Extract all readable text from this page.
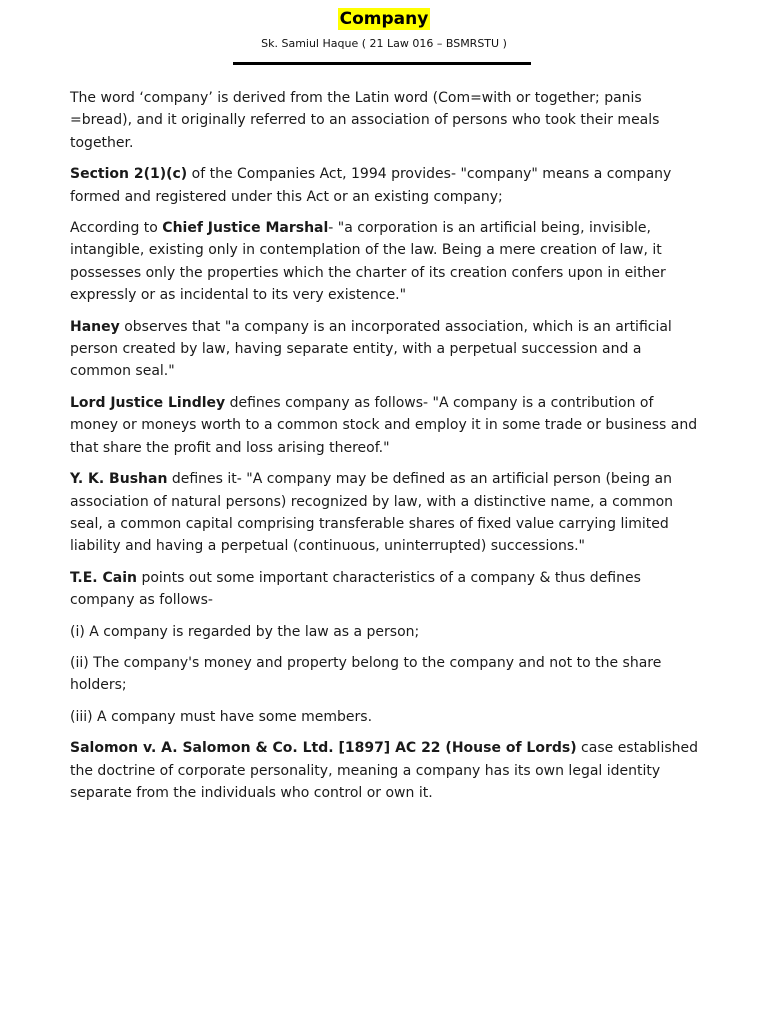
Company
Sk. Samiul Haque ( 21 Law 016 – BSMRSTU )

The word ‘company’ is derived from the Latin word (Com=with or together; panis =bread), and it originally referred to an association of persons who took their meals together.

Section 2(1)(c) of the Companies Act, 1994 provides- "company" means a company formed and registered under this Act or an existing company;

According to Chief Justice Marshal- "a corporation is an artificial being, invisible, intangible, existing only in contemplation of the law. Being a mere creation of law, it possesses only the properties which the charter of its creation confers upon in either expressly or as incidental to its very existence."

Haney observes that "a company is an incorporated association, which is an artificial person created by law, having separate entity, with a perpetual succession and a common seal."

Lord Justice Lindley defines company as follows- "A company is a contribution of money or moneys worth to a common stock and employ it in some trade or business and that share the profit and loss arising thereof."

Y. K. Bushan defines it- "A company may be defined as an artificial person (being an association of natural persons) recognized by law, with a distinctive name, a common seal, a common capital comprising transferable shares of fixed value carrying limited liability and having a perpetual (continuous, uninterrupted) successions."

T.E. Cain points out some important characteristics of a company & thus defines company as follows-

(i) A company is regarded by the law as a person;

(ii) The company's money and property belong to the company and not to the share holders;

(iii) A company must have some members.

Salomon v. A. Salomon & Co. Ltd. [1897] AC 22 (House of Lords) case established the doctrine of corporate personality, meaning a company has its own legal identity separate from the individuals who control or own it.
